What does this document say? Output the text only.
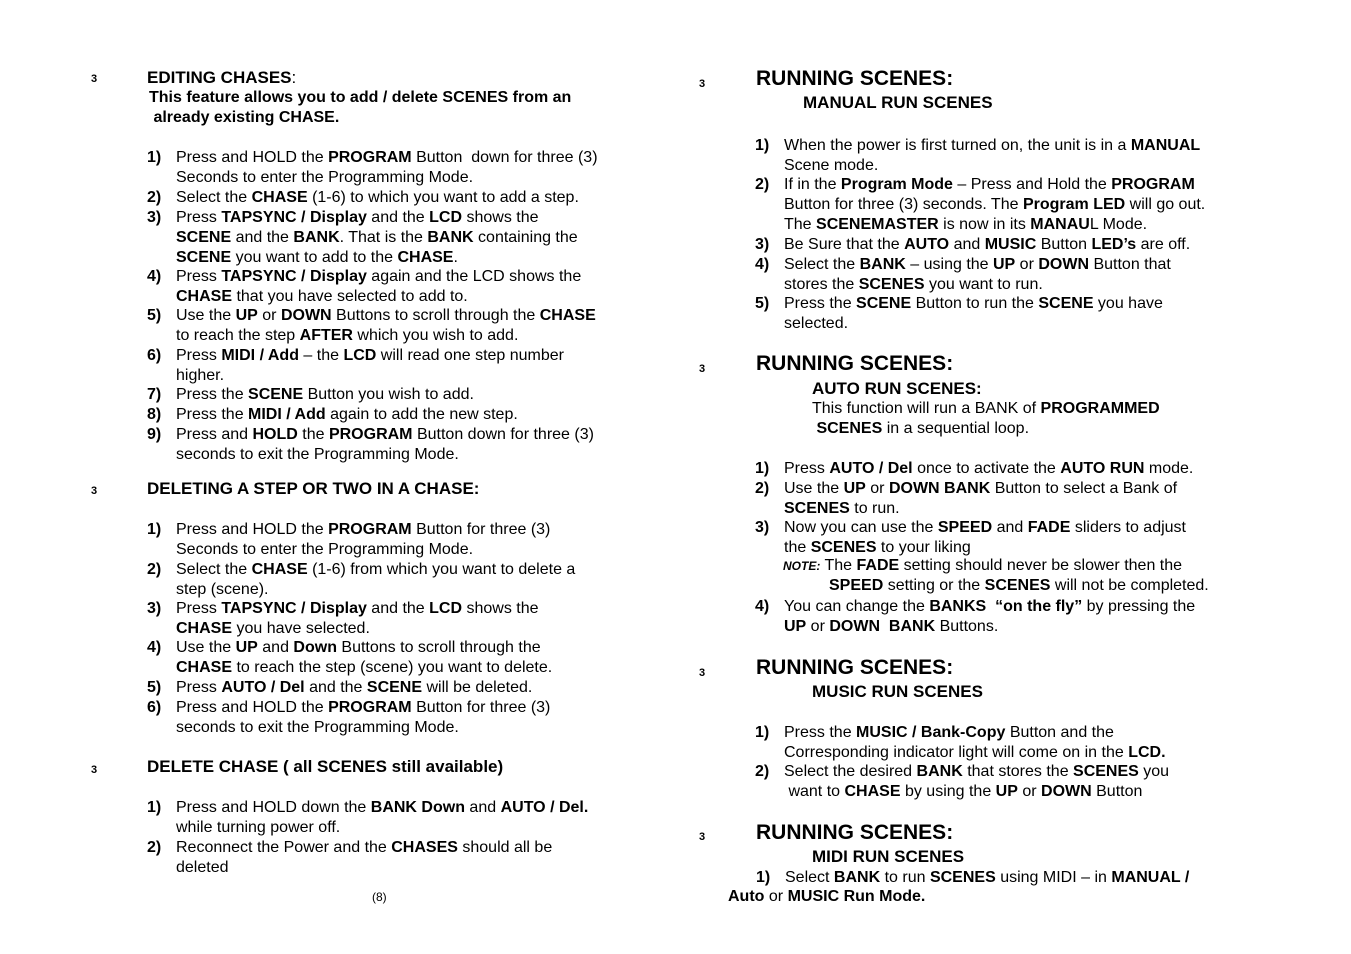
3	EDITING CHASES:
This feature allows you to add / delete SCENES from an
already existing CHASE.
1) Press and HOLD the PROGRAM Button  down for three (3)
Seconds to enter the Programming Mode.
2) Select the CHASE (1-6) to which you want to add a step.
3) Press TAPSYNC / Display and the LCD shows the
SCENE and the BANK. That is the BANK containing the
SCENE you want to add to the CHASE.
4) Press TAPSYNC / Display again and the LCD shows the
CHASE that you have selected to add to.
5) Use the UP or DOWN Buttons to scroll through the CHASE
to reach the step AFTER which you wish to add.
6) Press MIDI / Add – the LCD will read one step number
higher.
7) Press the SCENE Button you wish to add.
8) Press the MIDI / Add again to add the new step.
9) Press and HOLD the PROGRAM Button down for three (3)
seconds to exit the Programming Mode.
3	DELETING A STEP OR TWO IN A CHASE:
1) Press and HOLD the PROGRAM Button for three (3)
Seconds to enter the Programming Mode.
2) Select the CHASE (1-6) from which you want to delete a
step (scene).
3) Press TAPSYNC / Display and the LCD shows the
CHASE you have selected.
4) Use the UP and Down Buttons to scroll through the
CHASE to reach the step (scene) you want to delete.
5) Press AUTO / Del and the SCENE will be deleted.
6) Press and HOLD the PROGRAM Button for three (3)
seconds to exit the Programming Mode.
3	DELETE CHASE ( all SCENES still available)
1) Press and HOLD down the BANK Down and AUTO / Del.
while turning power off.
2) Reconnect the Power and the CHASES should all be
deleted
(8)
3 RUNNING SCENES:
MANUAL RUN SCENES
1) When the power is first turned on, the unit is in a MANUAL
Scene mode.
2) If in the Program Mode – Press and Hold the PROGRAM
Button for three (3) seconds. The Program LED will go out.
The SCENEMASTER is now in its MANAUL Mode.
3) Be Sure that the AUTO and MUSIC Button LED’s are off.
4) Select the BANK – using the UP or DOWN Button that
stores the SCENES you want to run.
5) Press the SCENE Button to run the SCENE you have
selected.
3 RUNNING SCENES:
AUTO RUN SCENES:
This function will run a BANK of PROGRAMMED
SCENES in a sequential loop.
1) Press AUTO / Del once to activate the AUTO RUN mode.
2) Use the UP or DOWN BANK Button to select a Bank of
SCENES to run.
3) Now you can use the SPEED and FADE sliders to adjust
the SCENES to your liking
4) You can change the BANKS “on the fly” by pressing the
UP or DOWN BANK Buttons.
NOTE: The FADE setting should never be slower then the
SPEED setting or the SCENES will not be completed.
3 RUNNING SCENES:
MUSIC RUN SCENES
1) Press the MUSIC / Bank-Copy Button and the
Corresponding indicator light will come on in the LCD.
2) Select the desired BANK that stores the SCENES you
want to CHASE by using the UP or DOWN Button
3 RUNNING SCENES:
MIDI RUN SCENES
1) Select BANK to run SCENES using MIDI – in MANUAL /
Auto or MUSIC Run Mode.
